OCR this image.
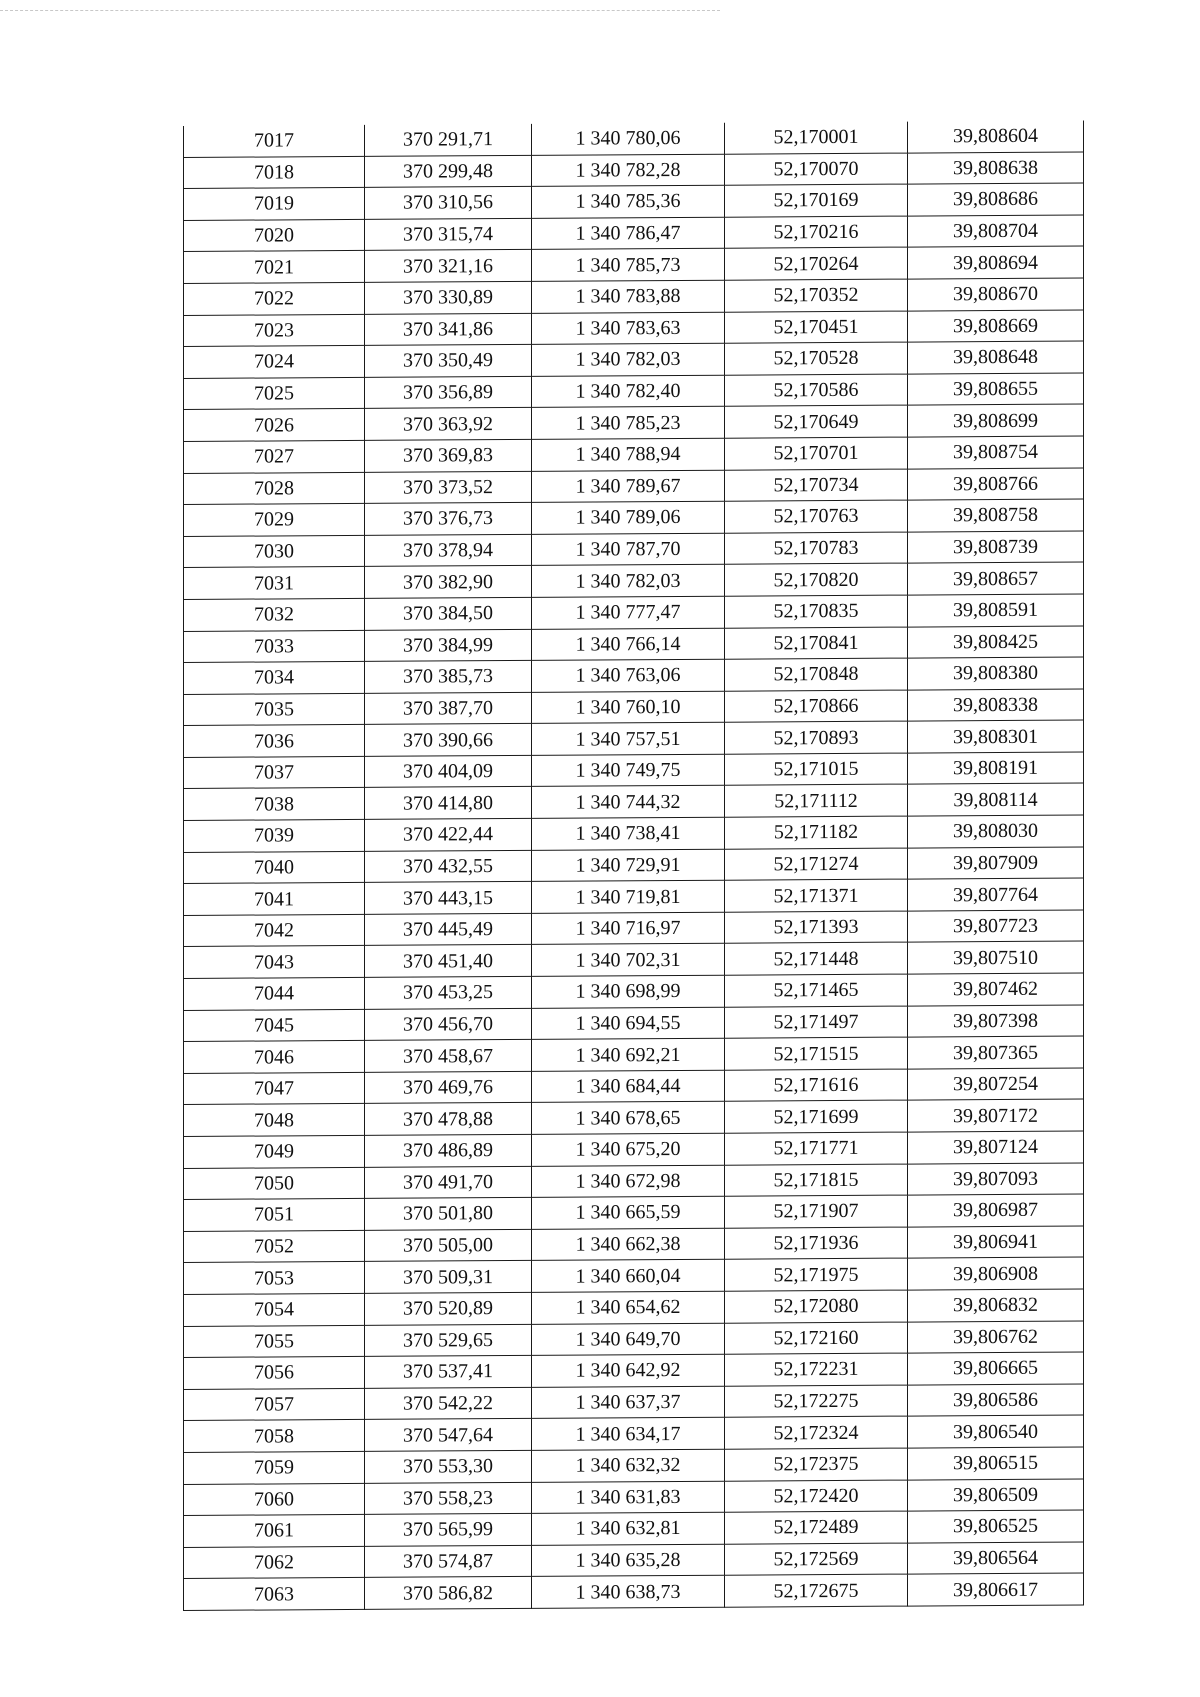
7017	370 291,71	1 340 780,06	52,170001	39,808604
7018	370 299,48	1 340 782,28	52,170070	39,808638
7019	370 310,56	1 340 785,36	52,170169	39,808686
7020	370 315,74	1 340 786,47	52,170216	39,808704
7021	370 321,16	1 340 785,73	52,170264	39,808694
7022	370 330,89	1 340 783,88	52,170352	39,808670
7023	370 341,86	1 340 783,63	52,170451	39,808669
7024	370 350,49	1 340 782,03	52,170528	39,808648
7025	370 356,89	1 340 782,40	52,170586	39,808655
7026	370 363,92	1 340 785,23	52,170649	39,808699
7027	370 369,83	1 340 788,94	52,170701	39,808754
7028	370 373,52	1 340 789,67	52,170734	39,808766
7029	370 376,73	1 340 789,06	52,170763	39,808758
7030	370 378,94	1 340 787,70	52,170783	39,808739
7031	370 382,90	1 340 782,03	52,170820	39,808657
7032	370 384,50	1 340 777,47	52,170835	39,808591
7033	370 384,99	1 340 766,14	52,170841	39,808425
7034	370 385,73	1 340 763,06	52,170848	39,808380
7035	370 387,70	1 340 760,10	52,170866	39,808338
7036	370 390,66	1 340 757,51	52,170893	39,808301
7037	370 404,09	1 340 749,75	52,171015	39,808191
7038	370 414,80	1 340 744,32	52,171112	39,808114
7039	370 422,44	1 340 738,41	52,171182	39,808030
7040	370 432,55	1 340 729,91	52,171274	39,807909
7041	370 443,15	1 340 719,81	52,171371	39,807764
7042	370 445,49	1 340 716,97	52,171393	39,807723
7043	370 451,40	1 340 702,31	52,171448	39,807510
7044	370 453,25	1 340 698,99	52,171465	39,807462
7045	370 456,70	1 340 694,55	52,171497	39,807398
7046	370 458,67	1 340 692,21	52,171515	39,807365
7047	370 469,76	1 340 684,44	52,171616	39,807254
7048	370 478,88	1 340 678,65	52,171699	39,807172
7049	370 486,89	1 340 675,20	52,171771	39,807124
7050	370 491,70	1 340 672,98	52,171815	39,807093
7051	370 501,80	1 340 665,59	52,171907	39,806987
7052	370 505,00	1 340 662,38	52,171936	39,806941
7053	370 509,31	1 340 660,04	52,171975	39,806908
7054	370 520,89	1 340 654,62	52,172080	39,806832
7055	370 529,65	1 340 649,70	52,172160	39,806762
7056	370 537,41	1 340 642,92	52,172231	39,806665
7057	370 542,22	1 340 637,37	52,172275	39,806586
7058	370 547,64	1 340 634,17	52,172324	39,806540
7059	370 553,30	1 340 632,32	52,172375	39,806515
7060	370 558,23	1 340 631,83	52,172420	39,806509
7061	370 565,99	1 340 632,81	52,172489	39,806525
7062	370 574,87	1 340 635,28	52,172569	39,806564
7063	370 586,82	1 340 638,73	52,172675	39,806617
